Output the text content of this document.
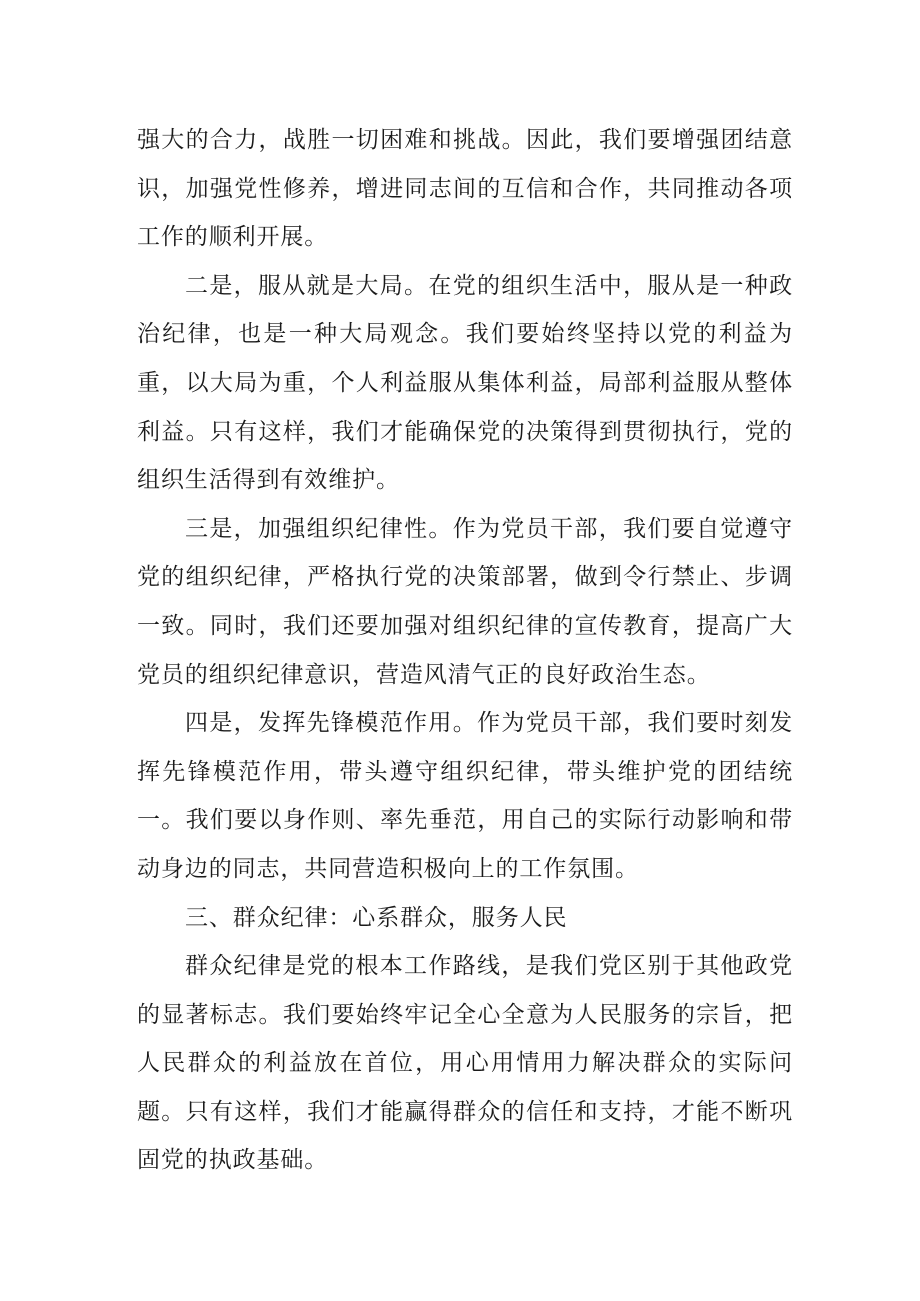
强大的合力，战胜一切困难和挑战。因此，我们要增强团结意识，加强党性修养，增进同志间的互信和合作，共同推动各项工作的顺利开展。

二是，服从就是大局。在党的组织生活中，服从是一种政治纪律，也是一种大局观念。我们要始终坚持以党的利益为重，以大局为重，个人利益服从集体利益，局部利益服从整体利益。只有这样，我们才能确保党的决策得到贯彻执行，党的组织生活得到有效维护。

三是，加强组织纪律性。作为党员干部，我们要自觉遵守党的组织纪律，严格执行党的决策部署，做到令行禁止、步调一致。同时，我们还要加强对组织纪律的宣传教育，提高广大党员的组织纪律意识，营造风清气正的良好政治生态。

四是，发挥先锋模范作用。作为党员干部，我们要时刻发挥先锋模范作用，带头遵守组织纪律，带头维护党的团结统一。我们要以身作则、率先垂范，用自己的实际行动影响和带动身边的同志，共同营造积极向上的工作氛围。

三、群众纪律：心系群众，服务人民

群众纪律是党的根本工作路线，是我们党区别于其他政党的显著标志。我们要始终牢记全心全意为人民服务的宗旨，把人民群众的利益放在首位，用心用情用力解决群众的实际问题。只有这样，我们才能赢得群众的信任和支持，才能不断巩固党的执政基础。
